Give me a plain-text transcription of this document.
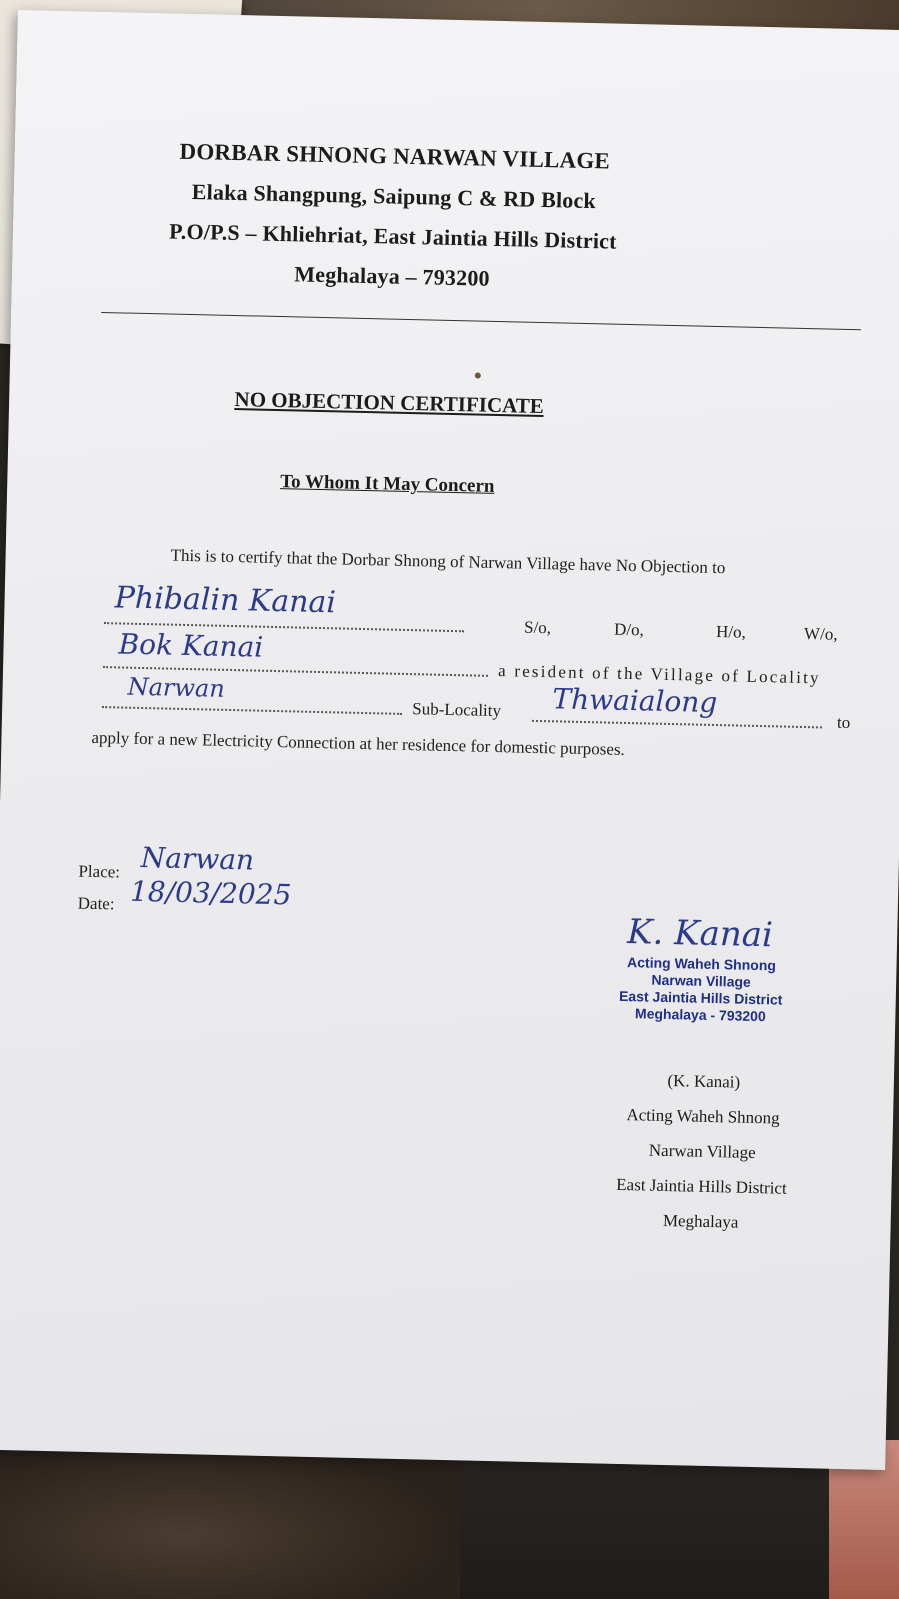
DORBAR SHNONG NARWAN VILLAGE
Elaka Shangpung, Saipung C & RD Block
P.O/P.S – Khliehriat, East Jaintia Hills District
Meghalaya – 793200
NO OBJECTION CERTIFICATE
To Whom It May Concern
This is to certify that the Dorbar Shnong of Narwan Village have No Objection to
Phibalin Kanai
S/o,	D/o,	H/o,	W/o,
Bok Kanai
a resident of the Village of Locality
Narwan
Sub-Locality Thwaialong
to
apply for a new Electricity Connection at her residence for domestic purposes.
Place: Narwan
Date: 18/03/2025
K. Kanai
Acting Waheh Shnong
Narwan Village
East Jaintia Hills District
Meghalaya - 793200
(K. Kanai)
Acting Waheh Shnong
Narwan Village
East Jaintia Hills District
Meghalaya
